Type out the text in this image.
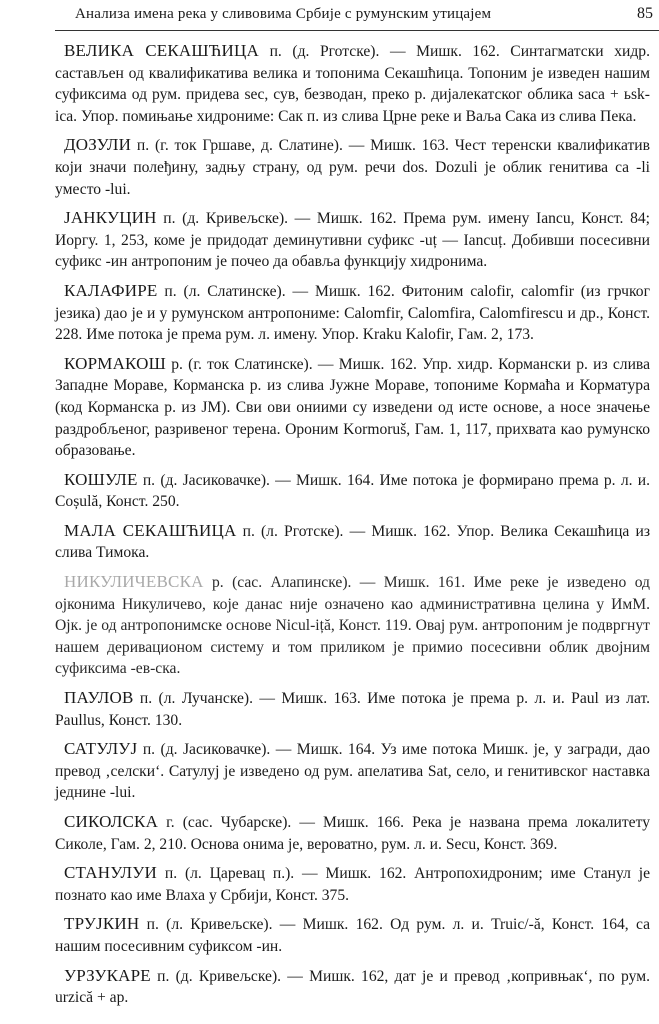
Анализа имена река у сливовима Србије с румунским утицајем	85

ВЕЛИКА СЕКАШЋИЦА п. (д. Рготске). — Мишк. 162. Синтагматски хидр. састављен од квалификатива велика и топонима Секашћица. Топоним је изведен нашим суфиксима од рум. придева sec, сув, безводан, преко р. дијалекатског облика saca + ьsk-ica. Упор. помињање хидрониме: Сак п. из слива Црне реке и Ваља Сака из слива Пека.

ДОЗУЛИ п. (г. ток Гршаве, д. Слатине). — Мишк. 163. Чест теренски квалификатив који значи полеђину, задњу страну, од рум. речи dos. Dozuli је облик генитива са -li уместо -lui.

ЈАНКУЦИН п. (д. Кривељске). — Мишк. 162. Према рум. имену Iancu, Конст. 84; Иоргу. 1, 253, коме је придодат деминутивни суфикс -uț — Iancuț. Добивши посесивни суфикс -ин антропоним је почео да обавља функцију хидронима.

КАЛАФИРЕ п. (л. Слатинске). — Мишк. 162. Фитоним calofir, calomfir (из грчког језика) дао је и у румунском антропониме: Calomfir, Calomfira, Calomfirescu и др., Конст. 228. Име потока је према рум. л. имену. Упор. Kraku Kalofir, Гам. 2, 173.

КОРМАКОШ р. (г. ток Слатинске). — Мишк. 162. Упр. хидр. Кормански р. из слива Западне Мораве, Корманска р. из слива Јужне Мораве, топониме Кормаћа и Корматура (код Корманска р. из ЈМ). Сви ови ониими су изведени од исте основе, а носе значење раздробљеног, разривеног терена. Ороним Kormoruš, Гам. 1, 117, прихвата као румунско образовање.

КОШУЛЕ п. (д. Јасиковачке). — Мишк. 164. Име потока је формирано према р. л. и. Coșulă, Конст. 250.

МАЛА СЕКАШЋИЦА п. (л. Рготске). — Мишк. 162. Упор. Велика Секашћица из слива Тимока.

НИКУЛИЧЕВСКА р. (сас. Алапинске). — Мишк. 161. Име реке је изведено од ојконима Никуличево, које данас није означено као административна целина у ИмМ. Ојк. је од антропонимске основе Nicul-iță, Конст. 119. Овај рум. антропоним је подвргнут нашем деривационом систему и том приликом је примио посесивни облик двојним суфиксима -ев-ска.

ПАУЛОВ п. (л. Лучанске). — Мишк. 163. Име потока је према р. л. и. Paul из лат. Paullus, Конст. 130.

САТУЛУЈ п. (д. Јасиковачке). — Мишк. 164. Уз име потока Мишк. је, у загради, дао превод ‚селски‘. Сатулуј је изведено од рум. апелатива Sat, село, и генитивског наставка једнине -lui.

СИКОЛСКА г. (сас. Чубарске). — Мишк. 166. Река је названа према локалитету Сиколе, Гам. 2, 210. Основа онима је, вероватно, рум. л. и. Secu, Конст. 369.

СТАНУЛУИ п. (л. Царевац п.). — Мишк. 162. Антропохидроним; име Станул је познато као име Влаха у Србији, Конст. 375.

ТРУЈКИН п. (л. Кривељске). — Мишк. 162. Од рум. л. и. Truic/-ă, Конст. 164, са нашим посесивним суфиксом -ин.

УРЗУКАРЕ п. (д. Кривељске). — Мишк. 162, дат је и превод ‚копривњак‘, по рум. urzică + ap.
